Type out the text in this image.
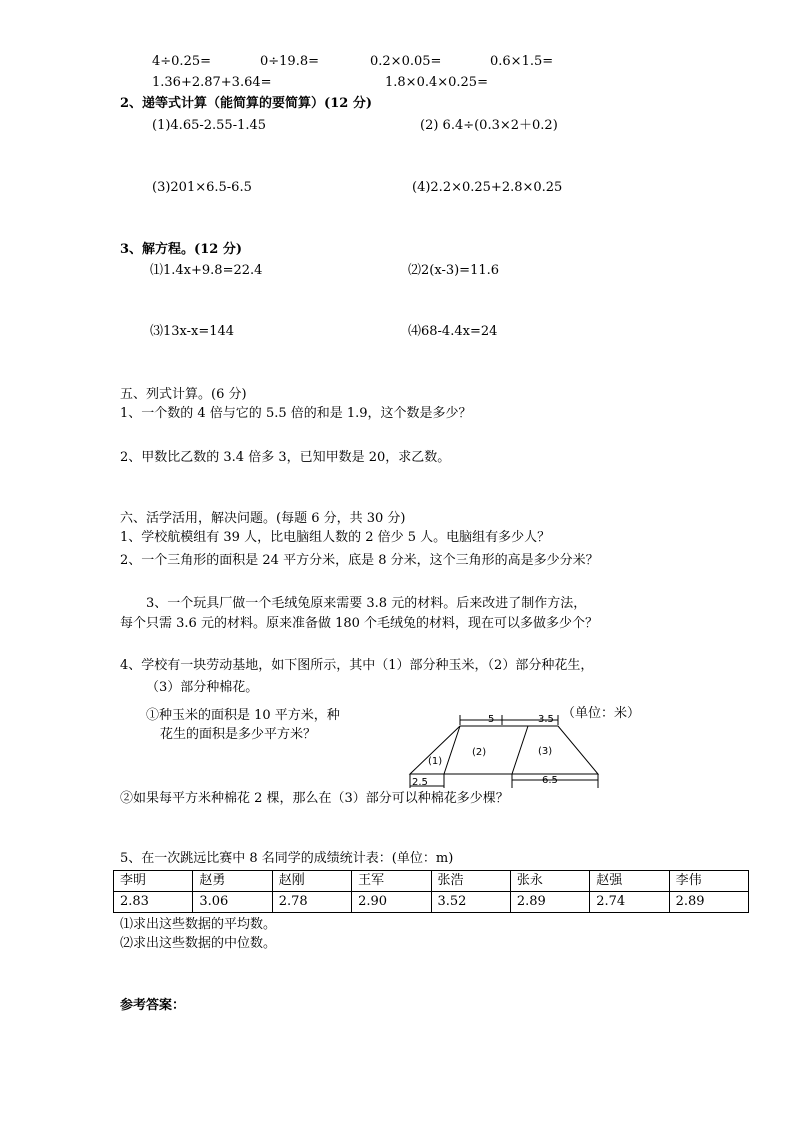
4÷0.25=	0÷19.8=	0.2×0.05=	0.6×1.5=
1.36+2.87+3.64=	1.8×0.4×0.25=
2、递等式计算（能简算的要简算）(12 分)
(1)4.65-2.55-1.45	(2) 6.4÷(0.3×2＋0.2)
(3)201×6.5-6.5	(4)2.2×0.25+2.8×0.25
3、解方程。(12 分)
⑴1.4x+9.8=22.4	⑵2(x-3)=11.6
⑶13x-x=144	⑷68-4.4x=24
五、列式计算。(6 分)
1、一个数的 4 倍与它的 5.5 倍的和是 1.9，这个数是多少？
2、甲数比乙数的 3.4 倍多 3，已知甲数是 20，求乙数。
六、活学活用，解决问题。(每题 6 分，共 30 分)
1、学校航模组有 39 人，比电脑组人数的 2 倍少 5 人。电脑组有多少人？
2、一个三角形的面积是 24 平方分米，底是 8 分米，这个三角形的高是多少分米？
3、一个玩具厂做一个毛绒兔原来需要 3.8 元的材料。后来改进了制作方法，
每个只需 3.6 元的材料。原来准备做 180 个毛绒兔的材料，现在可以多做多少个？
4、学校有一块劳动基地，如下图所示，其中（1）部分种玉米，（2）部分种花生，
（3）部分种棉花。
①种玉米的面积是 10 平方米，种
花生的面积是多少平方米？
5	3.5
(1)
(2)	(3)
2.5	6.5
（单位：米）
②如果每平方米种棉花 2 棵，那么在（3）部分可以种棉花多少棵？
5、在一次跳远比赛中 8 名同学的成绩统计表：(单位：m)
李明	赵勇	赵刚	王军	张浩	张永	赵强	李伟
2.83	3.06	2.78	2.90	3.52	2.89	2.74	2.89
⑴求出这些数据的平均数。
⑵求出这些数据的中位数。
参考答案：
